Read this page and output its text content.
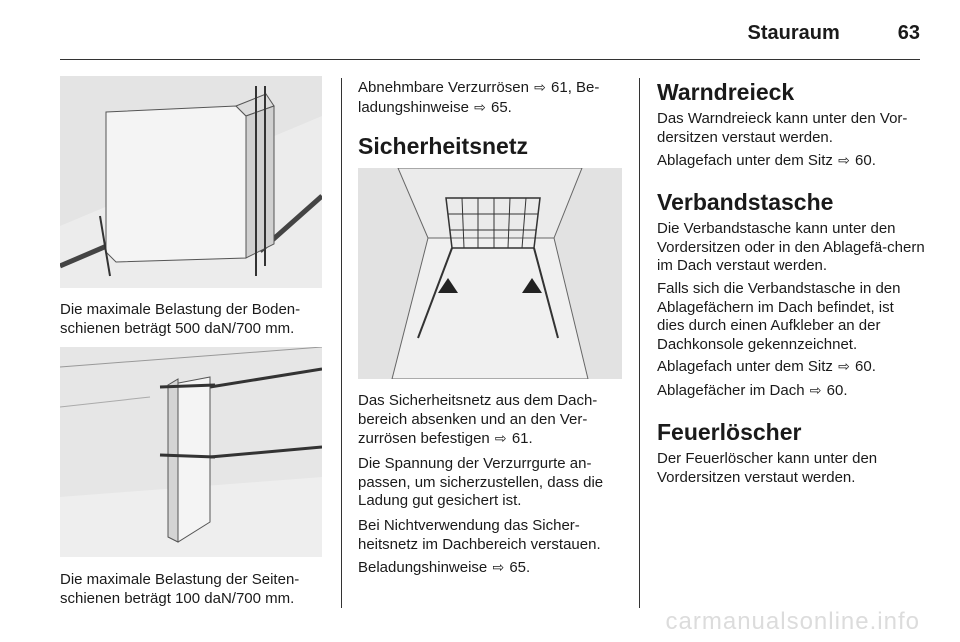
Stauraum	63

Die maximale Belastung der Boden-schienen beträgt 500 daN/700 mm.

Die maximale Belastung der Seiten-schienen beträgt 100 daN/700 mm.

Abnehmbare Verzurrösen ⇨ 61, Be-ladungshinweise ⇨ 65.

Sicherheitsnetz

Das Sicherheitsnetz aus dem Dach-bereich absenken und an den Ver-zurrösen befestigen ⇨ 61.

Die Spannung der Verzurrgurte an-passen, um sicherzustellen, dass die Ladung gut gesichert ist.

Bei Nichtverwendung das Sicher-heitsnetz im Dachbereich verstauen.

Beladungshinweise ⇨ 65.

Warndreieck

Das Warndreieck kann unter den Vor-dersitzen verstaut werden.

Ablagefach unter dem Sitz ⇨ 60.

Verbandstasche

Die Verbandstasche kann unter den Vordersitzen oder in den Ablagefä-chern im Dach verstaut werden.

Falls sich die Verbandstasche in den Ablagefächern im Dach befindet, ist dies durch einen Aufkleber an der Dachkonsole gekennzeichnet.

Ablagefach unter dem Sitz ⇨ 60.

Ablagefächer im Dach ⇨ 60.

Feuerlöscher

Der Feuerlöscher kann unter den Vordersitzen verstaut werden.

carmanualsonline.info
